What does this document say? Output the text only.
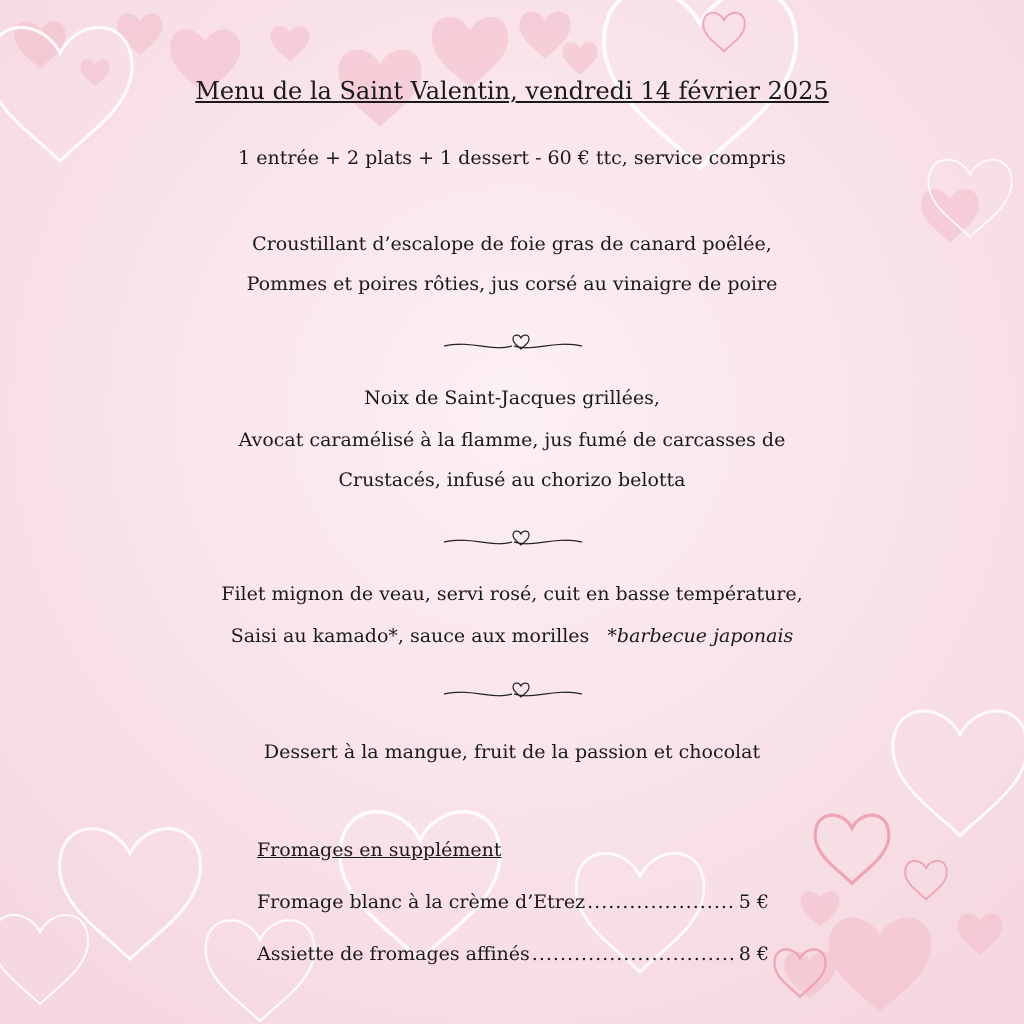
Menu de la Saint Valentin, vendredi 14 février 2025
1 entrée + 2 plats + 1 dessert - 60 € ttc, service compris
Croustillant d’escalope de foie gras de canard poêlée,
Pommes et poires rôties, jus corsé au vinaigre de poire
Noix de Saint-Jacques grillées,
Avocat caramélisé à la flamme, jus fumé de carcasses de
Crustacés, infusé au chorizo belotta
Filet mignon de veau, servi rosé, cuit en basse température,
Saisi au kamado*, sauce aux morilles *barbecue japonais
Dessert à la mangue, fruit de la passion et chocolat
Fromages en supplément
Fromage blanc à la crème d’Etrez .....	5 €
Assiette de fromages affinés .....	8 €
